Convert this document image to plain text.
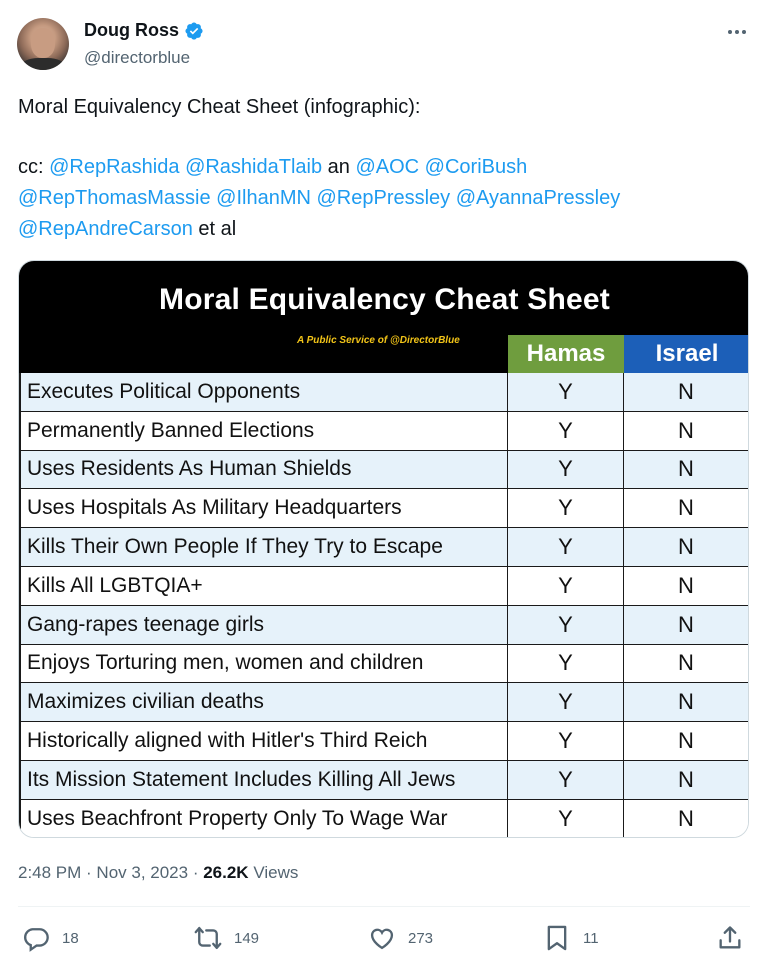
Doug Ross
@directorblue
Moral Equivalency Cheat Sheet (infographic):
cc: @RepRashida @RashidaTlaib an @AOC @CoriBush
@RepThomasMassie @IlhanMN @RepPressley @AyannaPressley
@RepAndreCarson et al
Moral Equivalency Cheat Sheet
A Public Service of @DirectorBlue	Hamas	Israel
Executes Political Opponents	Y	N
Permanently Banned Elections	Y	N
Uses Residents As Human Shields	Y	N
Uses Hospitals As Military Headquarters	Y	N
Kills Their Own People If They Try to Escape	Y	N
Kills All LGBTQIA+	Y	N
Gang-rapes teenage girls	Y	N
Enjoys Torturing men, women and children	Y	N
Maximizes civilian deaths	Y	N
Historically aligned with Hitler's Third Reich	Y	N
Its Mission Statement Includes Killing All Jews	Y	N
Uses Beachfront Property Only To Wage War	Y	N
2:48 PM · Nov 3, 2023 · 26.2K Views
18	149	273	11
